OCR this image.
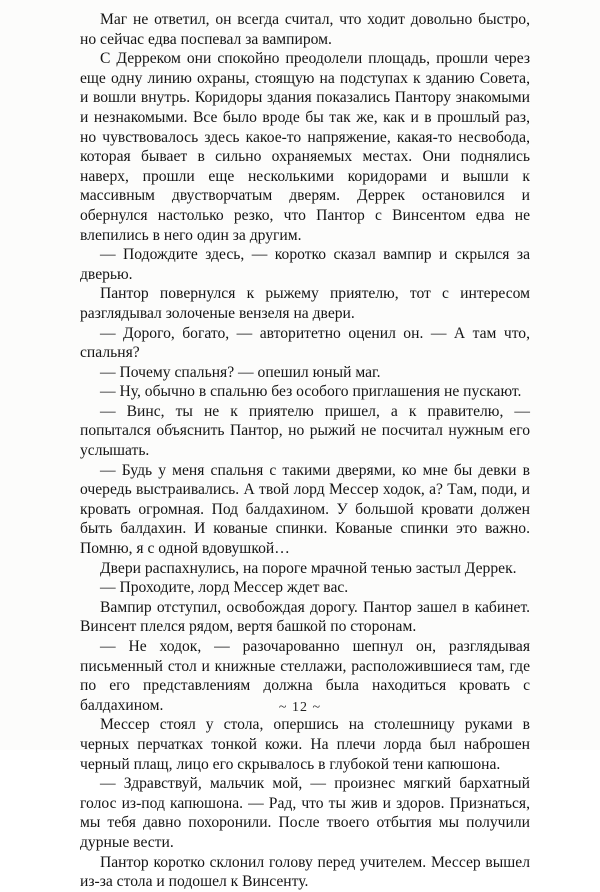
Маг не ответил, он всегда считал, что ходит довольно быстро, но сейчас едва поспевал за вампиром.

С Дерреком они спокойно преодолели площадь, прошли через еще одну линию охраны, стоящую на подступах к зданию Совета, и вошли внутрь. Коридоры здания показались Пантору знакомыми и незнакомыми. Все было вроде бы так же, как и в прошлый раз, но чувствовалось здесь какое-то напряжение, какая-то несвобода, которая бывает в сильно охраняемых местах. Они поднялись наверх, прошли еще несколькими коридорами и вышли к массивным двустворчатым дверям. Деррек остановился и обернулся настолько резко, что Пантор с Винсентом едва не влепились в него один за другим.

— Подождите здесь, — коротко сказал вампир и скрылся за дверью.

Пантор повернулся к рыжему приятелю, тот с интересом разглядывал золоченые вензеля на двери.

— Дорого, богато, — авторитетно оценил он. — А там что, спальня?

— Почему спальня? — опешил юный маг.

— Ну, обычно в спальню без особого приглашения не пускают.

— Винс, ты не к приятелю пришел, а к правителю, — попытался объяснить Пантор, но рыжий не посчитал нужным его услышать.

— Будь у меня спальня с такими дверями, ко мне бы девки в очередь выстраивались. А твой лорд Мессер ходок, а? Там, поди, и кровать огромная. Под балдахином. У большой кровати должен быть балдахин. И кованые спинки. Кованые спинки это важно. Помню, я с одной вдовушкой…

Двери распахнулись, на пороге мрачной тенью застыл Деррек.

— Проходите, лорд Мессер ждет вас.

Вампир отступил, освобождая дорогу. Пантор зашел в кабинет. Винсент плелся рядом, вертя башкой по сторонам.

— Не ходок, — разочарованно шепнул он, разглядывая письменный стол и книжные стеллажи, расположившиеся там, где по его представлениям должна была находиться кровать с балдахином.

Мессер стоял у стола, опершись на столешницу руками в черных перчатках тонкой кожи. На плечи лорда был наброшен черный плащ, лицо его скрывалось в глубокой тени капюшона.

— Здравствуй, мальчик мой, — произнес мягкий бархатный голос из-под капюшона. — Рад, что ты жив и здоров. Признаться, мы тебя давно похоронили. После твоего отбытия мы получили дурные вести.

Пантор коротко склонил голову перед учителем. Мессер вышел из-за стола и подошел к Винсенту.

~ 12 ~
